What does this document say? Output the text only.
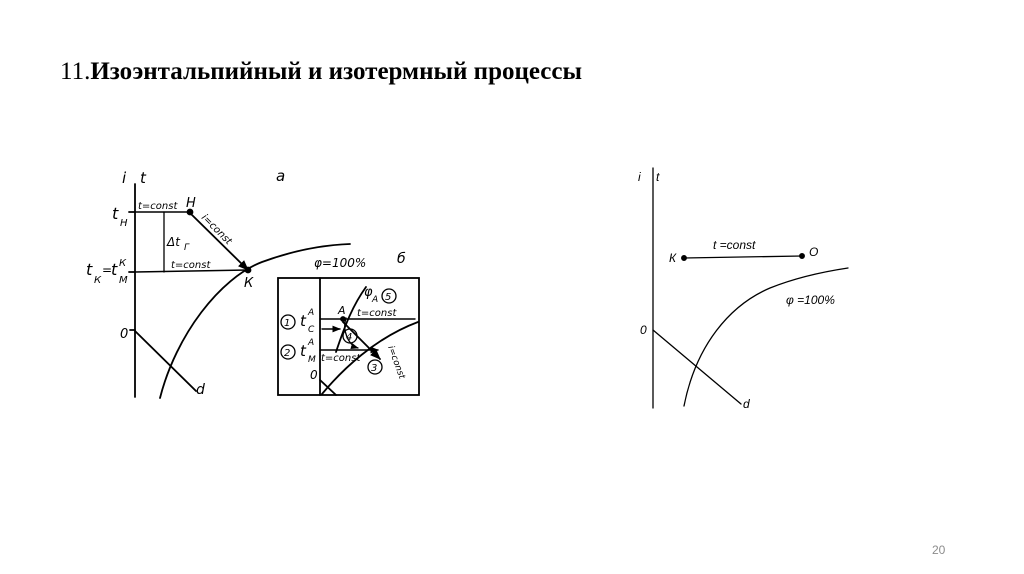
11.Изоэнтальпийный и изотермный процессы
i t	а
б
t
Н
t
К
=
t
М
К
t=const
t=const
Н
К
i=const
Δt Г
φ=100%
0
d
1
2
3
4
5
t С
А
t М
А
А
φ А
t=const
t=const	i=const
0
i t
К	О
t =const
φ =100%
0
d
20
